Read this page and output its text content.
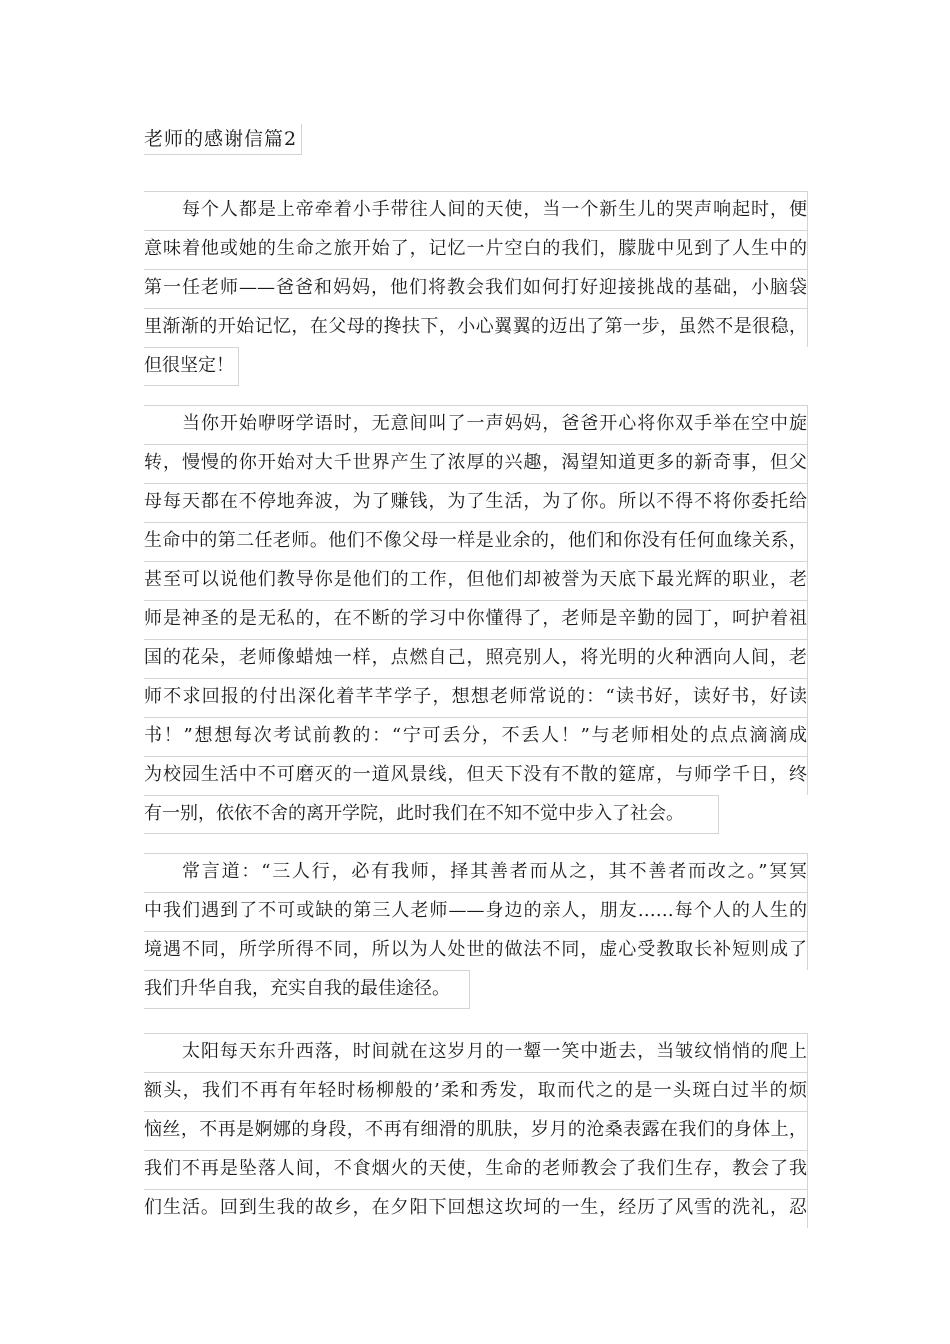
老师的感谢信篇2
每个人都是上帝牵着小手带往人间的天使，当一个新生儿的哭声响起时，便
意味着他或她的生命之旅开始了，记忆一片空白的我们，朦胧中见到了人生中的
第一任老师——爸爸和妈妈，他们将教会我们如何打好迎接挑战的基础，小脑袋
里渐渐的开始记忆，在父母的搀扶下，小心翼翼的迈出了第一步，虽然不是很稳，
但很坚定！
当你开始咿呀学语时，无意间叫了一声妈妈，爸爸开心将你双手举在空中旋
转，慢慢的你开始对大千世界产生了浓厚的兴趣，渴望知道更多的新奇事，但父
母每天都在不停地奔波，为了赚钱，为了生活，为了你。所以不得不将你委托给
生命中的第二任老师。他们不像父母一样是业余的，他们和你没有任何血缘关系，
甚至可以说他们教导你是他们的工作，但他们却被誉为天底下最光辉的职业，老
师是神圣的是无私的，在不断的学习中你懂得了，老师是辛勤的园丁，呵护着祖
国的花朵，老师像蜡烛一样，点燃自己，照亮别人，将光明的火种洒向人间，老
师不求回报的付出深化着芊芊学子，想想老师常说的：“读书好，读好书，好读
书！”想想每次考试前教的：“宁可丢分，不丢人！”与老师相处的点点滴滴成
为校园生活中不可磨灭的一道风景线，但天下没有不散的筵席，与师学千日，终
有一别，依依不舍的离开学院，此时我们在不知不觉中步入了社会。
常言道：“三人行，必有我师，择其善者而从之，其不善者而改之。”冥冥
中我们遇到了不可或缺的第三人老师——身边的亲人，朋友……每个人的人生的
境遇不同，所学所得不同，所以为人处世的做法不同，虚心受教取长补短则成了
我们升华自我，充实自我的最佳途径。
太阳每天东升西落，时间就在这岁月的一颦一笑中逝去，当皱纹悄悄的爬上
额头，我们不再有年轻时杨柳般的’柔和秀发，取而代之的是一头斑白过半的烦
恼丝，不再是婀娜的身段，不再有细滑的肌肤，岁月的沧桑表露在我们的身体上，
我们不再是坠落人间，不食烟火的天使，生命的老师教会了我们生存，教会了我
们生活。回到生我的故乡，在夕阳下回想这坎坷的一生，经历了风雪的洗礼，忍
